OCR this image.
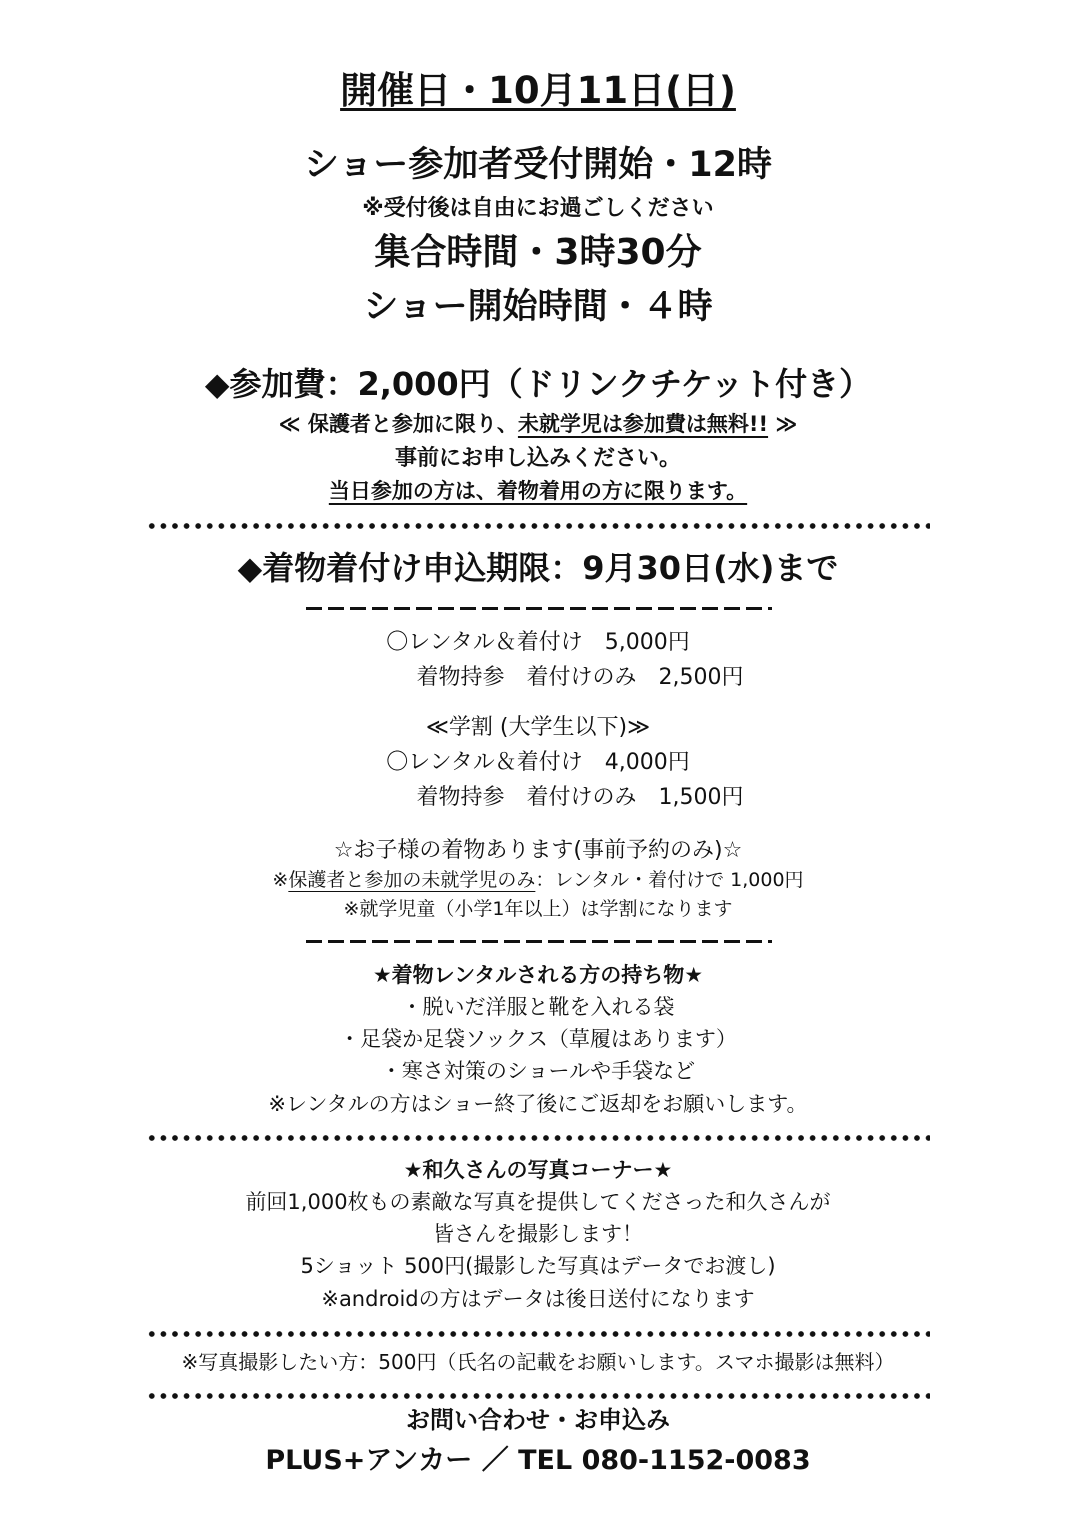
開催日・10月11日(日)
ショー参加者受付開始・12時
※受付後は自由にお過ごしください
集合時間・3時30分
ショー開始時間・４時
◆参加費：2,000円（ドリンクチケット付き）
≪ 保護者と参加に限り、未就学児は参加費は無料!! ≫
事前にお申し込みください。
当日参加の方は、着物着用の方に限ります。
◆着物着付け申込期限：9月30日(水)まで
〇レンタル＆着付け　5,000円
着物持参　着付けのみ　2,500円
≪学割 (大学生以下)≫
〇レンタル＆着付け　4,000円
着物持参　着付けのみ　1,500円
☆お子様の着物あります(事前予約のみ)☆
※保護者と参加の未就学児のみ：レンタル・着付けで 1,000円
※就学児童（小学1年以上）は学割になります
★着物レンタルされる方の持ち物★
・脱いだ洋服と靴を入れる袋
・足袋か足袋ソックス（草履はあります）
・寒さ対策のショールや手袋など
※レンタルの方はショー終了後にご返却をお願いします。
★和久さんの写真コーナー★
前回1,000枚もの素敵な写真を提供してくださった和久さんが
皆さんを撮影します！
5ショット 500円(撮影した写真はデータでお渡し)
※androidの方はデータは後日送付になります
※写真撮影したい方：500円（氏名の記載をお願いします。スマホ撮影は無料）
お問い合わせ・お申込み
PLUS+アンカー ／ TEL 080-1152-0083
